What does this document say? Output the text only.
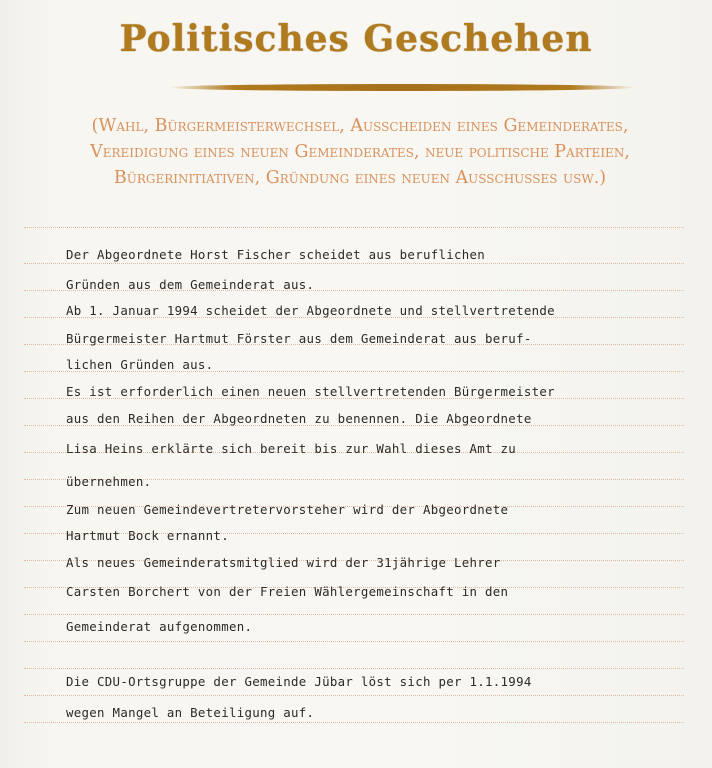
Politisches Geschehen
(Wahl, Bürgermeisterwechsel, Ausscheiden eines Gemeinderates,
Vereidigung eines neuen Gemeinderates, neue politische Parteien,
Bürgerinitiativen, Gründung eines neuen Ausschusses usw.)
Der Abgeordnete Horst Fischer scheidet aus beruflichen
Gründen aus dem Gemeinderat aus.
Ab 1. Januar 1994 scheidet der Abgeordnete und stellvertretende
Bürgermeister Hartmut Förster aus dem Gemeinderat aus beruf-
lichen Gründen aus.
Es ist erforderlich einen neuen stellvertretenden Bürgermeister
aus den Reihen der Abgeordneten zu benennen. Die Abgeordnete
Lisa Heins erklärte sich bereit bis zur Wahl dieses Amt zu
übernehmen.
Zum neuen Gemeindevertretervorsteher wird der Abgeordnete
Hartmut Bock ernannt.
Als neues Gemeinderatsmitglied wird der 31jährige Lehrer
Carsten Borchert von der Freien Wählergemeinschaft in den
Gemeinderat aufgenommen.
Die CDU-Ortsgruppe der Gemeinde Jübar löst sich per 1.1.1994
wegen Mangel an Beteiligung auf.
